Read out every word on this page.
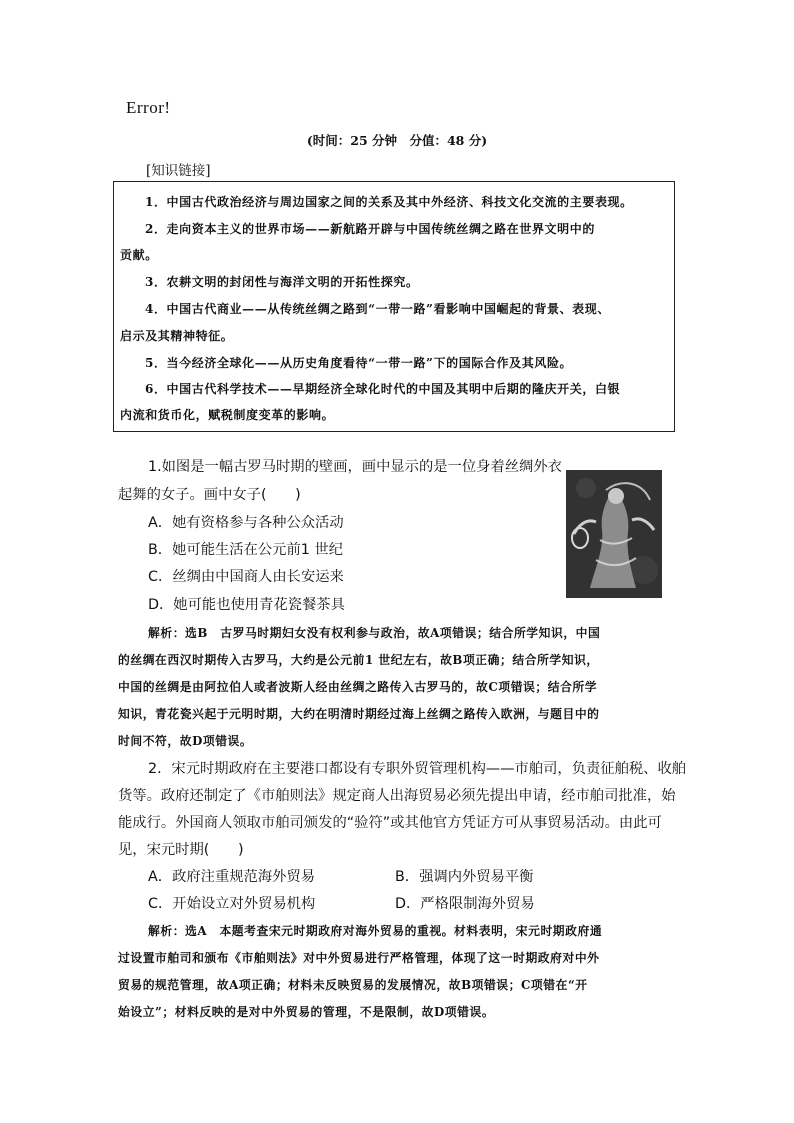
Error!
(时间：25 分钟　分值：48 分)
[知识链接]
1．中国古代政治经济与周边国家之间的关系及其中外经济、科技文化交流的主要表现。
2．走向资本主义的世界市场——新航路开辟与中国传统丝绸之路在世界文明中的
贡献。
3．农耕文明的封闭性与海洋文明的开拓性探究。
4．中国古代商业——从传统丝绸之路到“一带一路”看影响中国崛起的背景、表现、
启示及其精神特征。
5．当今经济全球化——从历史角度看待“一带一路”下的国际合作及其风险。
6．中国古代科学技术——早期经济全球化时代的中国及其明中后期的隆庆开关，白银
内流和货币化，赋税制度变革的影响。
1.如图是一幅古罗马时期的壁画，画中显示的是一位身着丝绸外衣
起舞的女子。画中女子(　　)
A．她有资格参与各种公众活动
B．她可能生活在公元前1 世纪
C．丝绸由中国商人由长安运来
D．她可能也使用青花瓷餐茶具
解析：选B　古罗马时期妇女没有权利参与政治，故A项错误；结合所学知识，中国
的丝绸在西汉时期传入古罗马，大约是公元前1 世纪左右，故B项正确；结合所学知识，
中国的丝绸是由阿拉伯人或者波斯人经由丝绸之路传入古罗马的，故C项错误；结合所学
知识，青花瓷兴起于元明时期，大约在明清时期经过海上丝绸之路传入欧洲，与题目中的
时间不符，故D项错误。
2．宋元时期政府在主要港口都设有专职外贸管理机构——市舶司，负责征舶税、收舶
货等。政府还制定了《市舶则法》规定商人出海贸易必须先提出申请，经市舶司批准，始
能成行。外国商人领取市舶司颁发的“验符”或其他官方凭证方可从事贸易活动。由此可
见，宋元时期(　　)
A．政府注重规范海外贸易	B．强调内外贸易平衡
C．开始设立对外贸易机构	D．严格限制海外贸易
解析：选A　本题考查宋元时期政府对海外贸易的重视。材料表明，宋元时期政府通
过设置市舶司和颁布《市舶则法》对中外贸易进行严格管理，体现了这一时期政府对中外
贸易的规范管理，故A项正确；材料未反映贸易的发展情况，故B项错误；C项错在“开
始设立”；材料反映的是对中外贸易的管理，不是限制，故D项错误。
